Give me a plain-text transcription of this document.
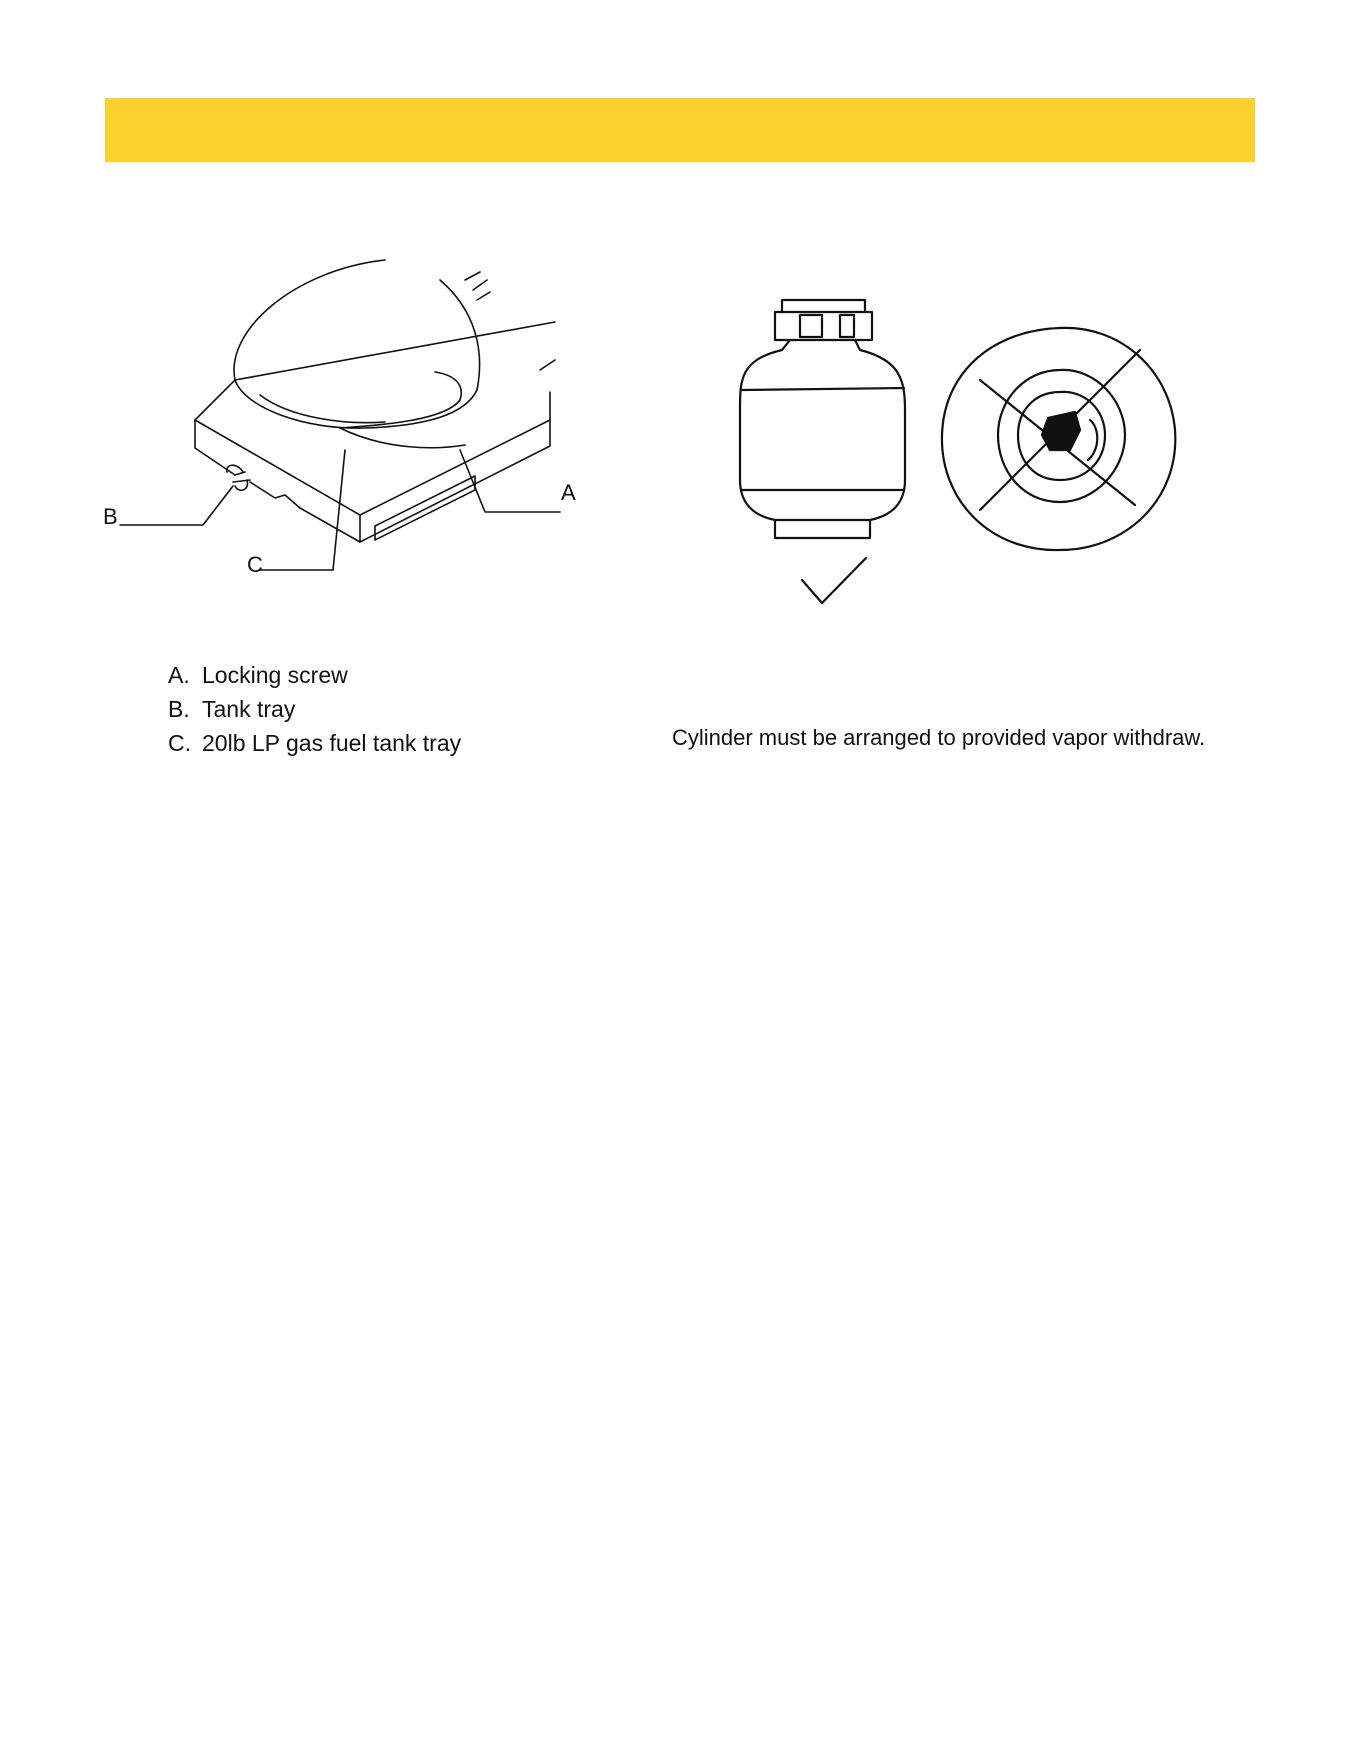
A
B
C
A. Locking screw
B. Tank tray
C. 20lb LP gas fuel tank tray	Cylinder must be arranged to provided vapor withdraw.
